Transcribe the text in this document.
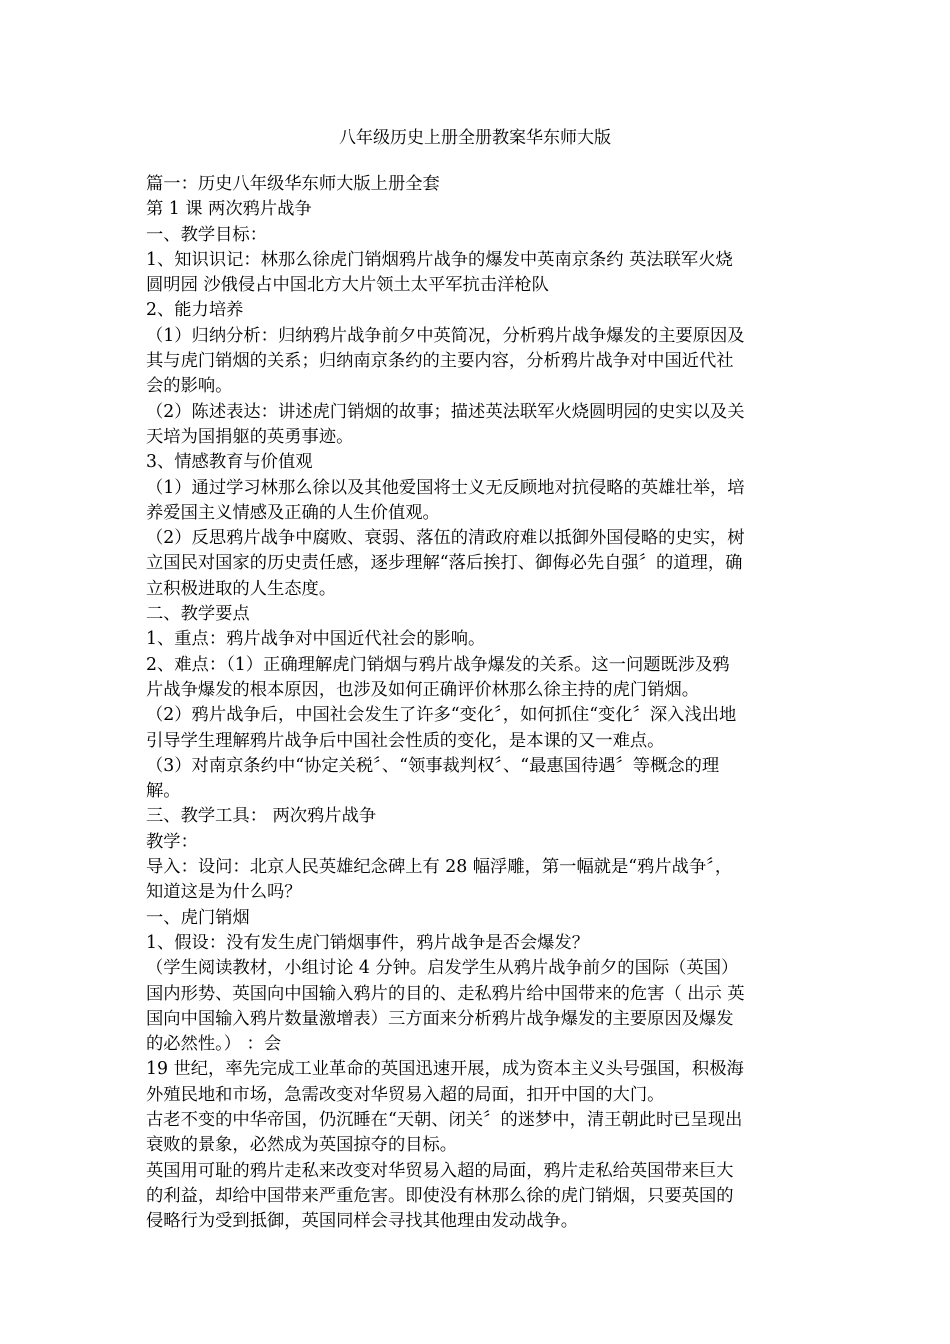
八年级历史上册全册教案华东师大版
篇一：历史八年级华东师大版上册全套
第 1 课 两次鸦片战争
一、教学目标：
1、知识识记：林那么徐虎门销烟鸦片战争的爆发中英南京条约 英法联军火烧
圆明园 沙俄侵占中国北方大片领土太平军抗击洋枪队
2、能力培养
（1）归纳分析：归纳鸦片战争前夕中英简况，分析鸦片战争爆发的主要原因及
其与虎门销烟的关系；归纳南京条约的主要内容，分析鸦片战争对中国近代社
会的影响。
（2）陈述表达：讲述虎门销烟的故事；描述英法联军火烧圆明园的史实以及关
天培为国捐躯的英勇事迹。
3、情感教育与价值观
（1）通过学习林那么徐以及其他爱国将士义无反顾地对抗侵略的英雄壮举，培
养爱国主义情感及正确的人生价值观。
（2）反思鸦片战争中腐败、衰弱、落伍的清政府难以抵御外国侵略的史实，树
立国民对国家的历史责任感，逐步理解“落后挨打、御侮必先自强〞的道理，确
立积极进取的人生态度。
二、教学要点
1、重点：鸦片战争对中国近代社会的影响。
2、难点：（1）正确理解虎门销烟与鸦片战争爆发的关系。这一问题既涉及鸦
片战争爆发的根本原因，也涉及如何正确评价林那么徐主持的虎门销烟。
（2）鸦片战争后，中国社会发生了许多“变化〞，如何抓住“变化〞深入浅出地
引导学生理解鸦片战争后中国社会性质的变化，是本课的又一难点。
（3）对南京条约中“协定关税〞、“领事裁判权〞、“最惠国待遇〞等概念的理
解。
三、教学工具： 两次鸦片战争
教学：
导入：设问：北京人民英雄纪念碑上有 28 幅浮雕，第一幅就是“鸦片战争〞，
知道这是为什么吗？
一、虎门销烟
1、假设：没有发生虎门销烟事件，鸦片战争是否会爆发？
（学生阅读教材，小组讨论 4 分钟。启发学生从鸦片战争前夕的国际（英国）
国内形势、英国向中国输入鸦片的目的、走私鸦片给中国带来的危害（ 出示 英
国向中国输入鸦片数量激增表）三方面来分析鸦片战争爆发的主要原因及爆发
的必然性。） ：会
19 世纪，率先完成工业革命的英国迅速开展，成为资本主义头号强国，积极海
外殖民地和市场，急需改变对华贸易入超的局面，扣开中国的大门。
古老不变的中华帝国，仍沉睡在“天朝、闭关〞的迷梦中，清王朝此时已呈现出
衰败的景象，必然成为英国掠夺的目标。
英国用可耻的鸦片走私来改变对华贸易入超的局面，鸦片走私给英国带来巨大
的利益，却给中国带来严重危害。即使没有林那么徐的虎门销烟，只要英国的
侵略行为受到抵御，英国同样会寻找其他理由发动战争。
